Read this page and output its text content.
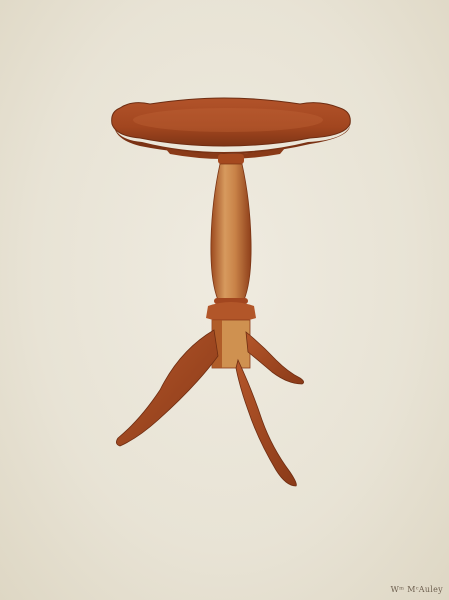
Wᵐ MᶜAuley
